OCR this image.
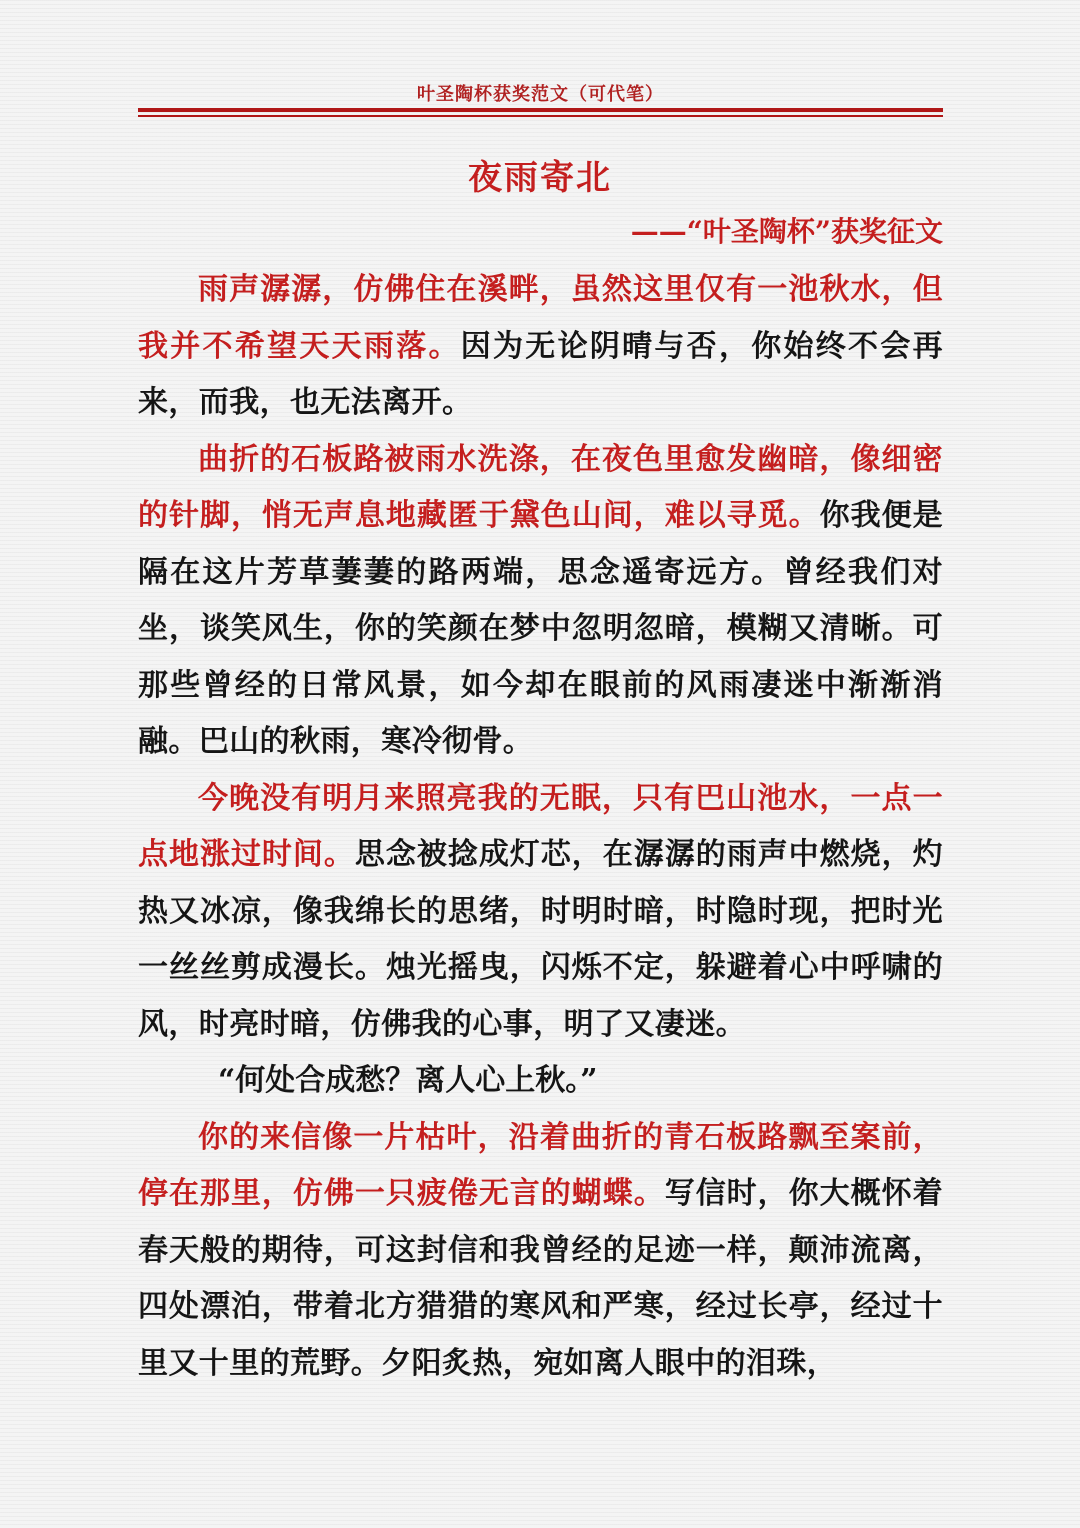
叶圣陶杯获奖范文（可代笔）
夜雨寄北
——“叶圣陶杯”获奖征文

雨声潺潺，仿佛住在溪畔，虽然这里仅有一池秋水，但我并不希望天天雨落。因为无论阴晴与否，你始终不会再来，而我，也无法离开。

曲折的石板路被雨水洗涤，在夜色里愈发幽暗，像细密的针脚，悄无声息地藏匿于黛色山间，难以寻觅。你我便是隔在这片芳草萋萋的路两端，思念遥寄远方。曾经我们对坐，谈笑风生，你的笑颜在梦中忽明忽暗，模糊又清晰。可那些曾经的日常风景，如今却在眼前的风雨凄迷中渐渐消融。巴山的秋雨，寒冷彻骨。

今晚没有明月来照亮我的无眠，只有巴山池水，一点一点地涨过时间。思念被捻成灯芯，在潺潺的雨声中燃烧，灼热又冰凉，像我绵长的思绪，时明时暗，时隐时现，把时光一丝丝剪成漫长。烛光摇曳，闪烁不定，躲避着心中呼啸的风，时亮时暗，仿佛我的心事，明了又凄迷。

“何处合成愁？离人心上秋。”

你的来信像一片枯叶，沿着曲折的青石板路飘至案前，停在那里，仿佛一只疲倦无言的蝴蝶。写信时，你大概怀着春天般的期待，可这封信和我曾经的足迹一样，颠沛流离，四处漂泊，带着北方猎猎的寒风和严寒，经过长亭，经过十里又十里的荒野。夕阳炙热，宛如离人眼中的泪珠，
